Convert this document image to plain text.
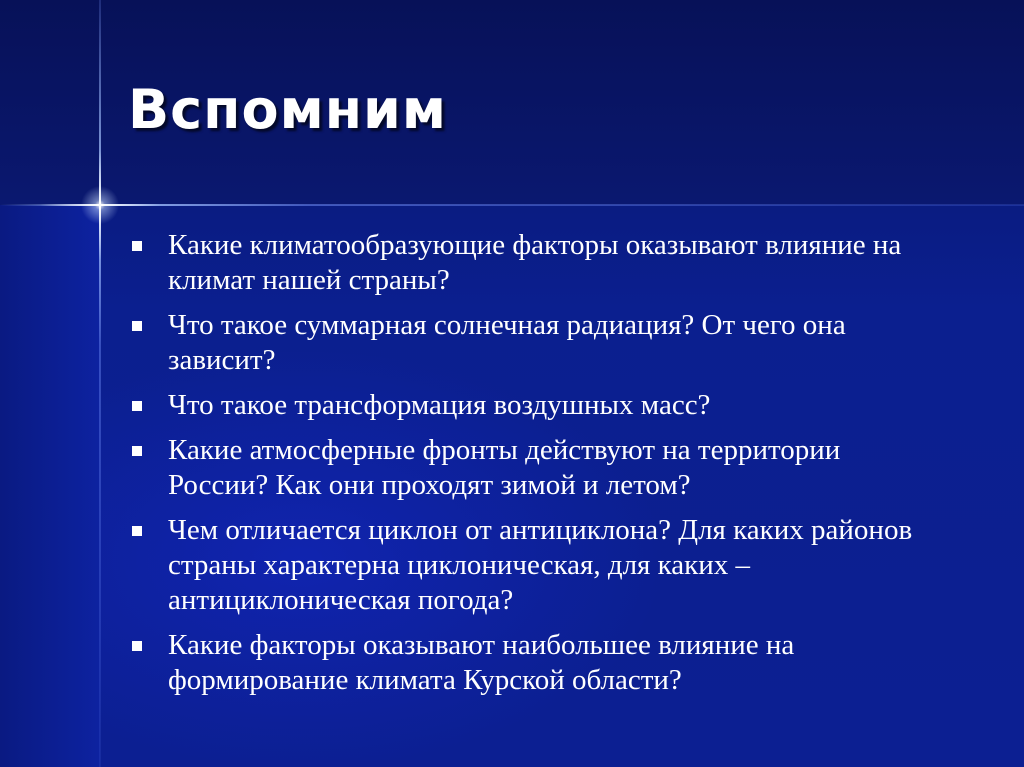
Вспомним
Какие климатообразующие факторы оказывают влияние на климат нашей страны?
Что такое суммарная солнечная радиация? От чего она зависит?
Что такое трансформация воздушных масс?
Какие атмосферные фронты действуют на территории России? Как они проходят зимой и летом?
Чем отличается циклон от антициклона? Для каких районов страны характерна циклоническая, для каких – антициклоническая погода?
Какие факторы оказывают наибольшее влияние на формирование климата Курской области?
